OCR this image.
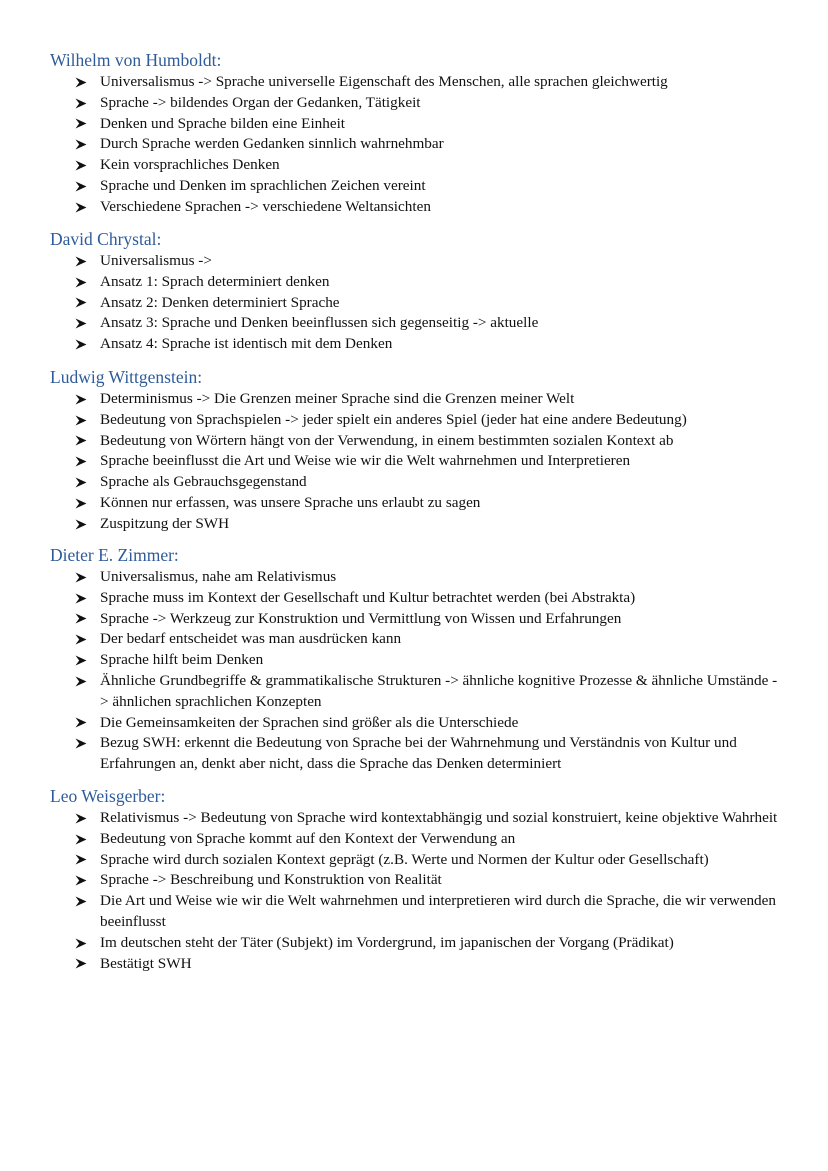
Wilhelm von Humboldt:
Universalismus -> Sprache universelle Eigenschaft des Menschen, alle sprachen gleichwertig
Sprache -> bildendes Organ der Gedanken, Tätigkeit
Denken und Sprache bilden eine Einheit
Durch Sprache werden Gedanken sinnlich wahrnehmbar
Kein vorsprachliches Denken
Sprache und Denken im sprachlichen Zeichen vereint
Verschiedene Sprachen -> verschiedene Weltansichten
David Chrystal:
Universalismus ->
Ansatz 1: Sprach determiniert denken
Ansatz 2: Denken determiniert Sprache
Ansatz 3: Sprache und Denken beeinflussen sich gegenseitig -> aktuelle
Ansatz 4: Sprache ist identisch mit dem Denken
Ludwig Wittgenstein:
Determinismus -> Die Grenzen meiner Sprache sind die Grenzen meiner Welt
Bedeutung von Sprachspielen -> jeder spielt ein anderes Spiel (jeder hat eine andere Bedeutung)
Bedeutung von Wörtern hängt von der Verwendung, in einem bestimmten sozialen Kontext ab
Sprache beeinflusst die Art und Weise wie wir die Welt wahrnehmen und Interpretieren
Sprache als Gebrauchsgegenstand
Können nur erfassen, was unsere Sprache uns erlaubt zu sagen
Zuspitzung der SWH
Dieter E. Zimmer:
Universalismus, nahe am Relativismus
Sprache muss im Kontext der Gesellschaft und Kultur betrachtet werden (bei Abstrakta)
Sprache -> Werkzeug zur Konstruktion und Vermittlung von Wissen und Erfahrungen
Der bedarf entscheidet was man ausdrücken kann
Sprache hilft beim Denken
Ähnliche Grundbegriffe & grammatikalische Strukturen -> ähnliche kognitive Prozesse & ähnliche Umstände -> ähnlichen sprachlichen Konzepten
Die Gemeinsamkeiten der Sprachen sind größer als die Unterschiede
Bezug SWH: erkennt die Bedeutung von Sprache bei der Wahrnehmung und Verständnis von Kultur und Erfahrungen an, denkt aber nicht, dass die Sprache das Denken determiniert
Leo Weisgerber:
Relativismus -> Bedeutung von Sprache wird kontextabhängig und sozial konstruiert, keine objektive Wahrheit
Bedeutung von Sprache kommt auf den Kontext der Verwendung an
Sprache wird durch sozialen Kontext geprägt (z.B. Werte und Normen der Kultur oder Gesellschaft)
Sprache -> Beschreibung und Konstruktion von Realität
Die Art und Weise wie wir die Welt wahrnehmen und interpretieren wird durch die Sprache, die wir verwenden beeinflusst
Im deutschen steht der Täter (Subjekt) im Vordergrund, im japanischen der Vorgang (Prädikat)
Bestätigt SWH
